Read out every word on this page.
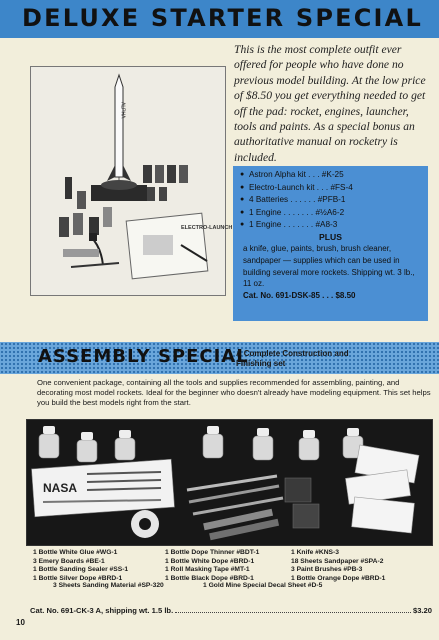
DELUXE STARTER SPECIAL
ALPHA
ELECTRO-LAUNCH

This is the most complete outfit ever offered for people who have done no previous model building. At the low price of $8.50 you get everything needed to get off the pad: rocket, engines, launcher, tools and paints. As a special bonus an authoritative manual on rocketry is included.

● Astron Alpha kit . . . #K-25
● Electro-Launch kit . . . #FS-4
● 4 Batteries . . . . . . #PFB-1
● 1 Engine . . . . . . . #½A6-2
● 1 Engine . . . . . . . #A8-3

PLUS

a knife, glue, paints, brush, brush cleaner, sandpaper — supplies which can be used in building several more rockets. Shipping wt. 3 lb., 11 oz.

Cat. No. 691-DSK-85 . . . $8.50

ASSEMBLY SPECIAL

A Complete Construction and Finishing set

One convenient package, containing all the tools and supplies recommended for assembling, painting, and decorating most model rockets. Ideal for the beginner who doesn't already have modeling equipment. This set helps you build the best models right from the start.

NASA
1 Bottle White Glue #WG-1
3 Emery Boards #BE-1
1 Bottle Sanding Sealer #SS-1
1 Bottle Silver Dope #BRD-1
1 Bottle Dope Thinner #BDT-1
1 Bottle White Dope #BRD-1
1 Roll Masking Tape #MT-1
1 Bottle Black Dope #BRD-1
1 Knife #KNS-3
18 Sheets Sandpaper #SPA-2
3 Paint Brushes #PB-3
1 Bottle Orange Dope #BRD-1
3 Sheets Sanding Material #SP-320	1 Gold Mine Special Decal Sheet #D-5

Cat. No. 691-CK-3 A, shipping wt. 1.5 lb.	$3.20

10
